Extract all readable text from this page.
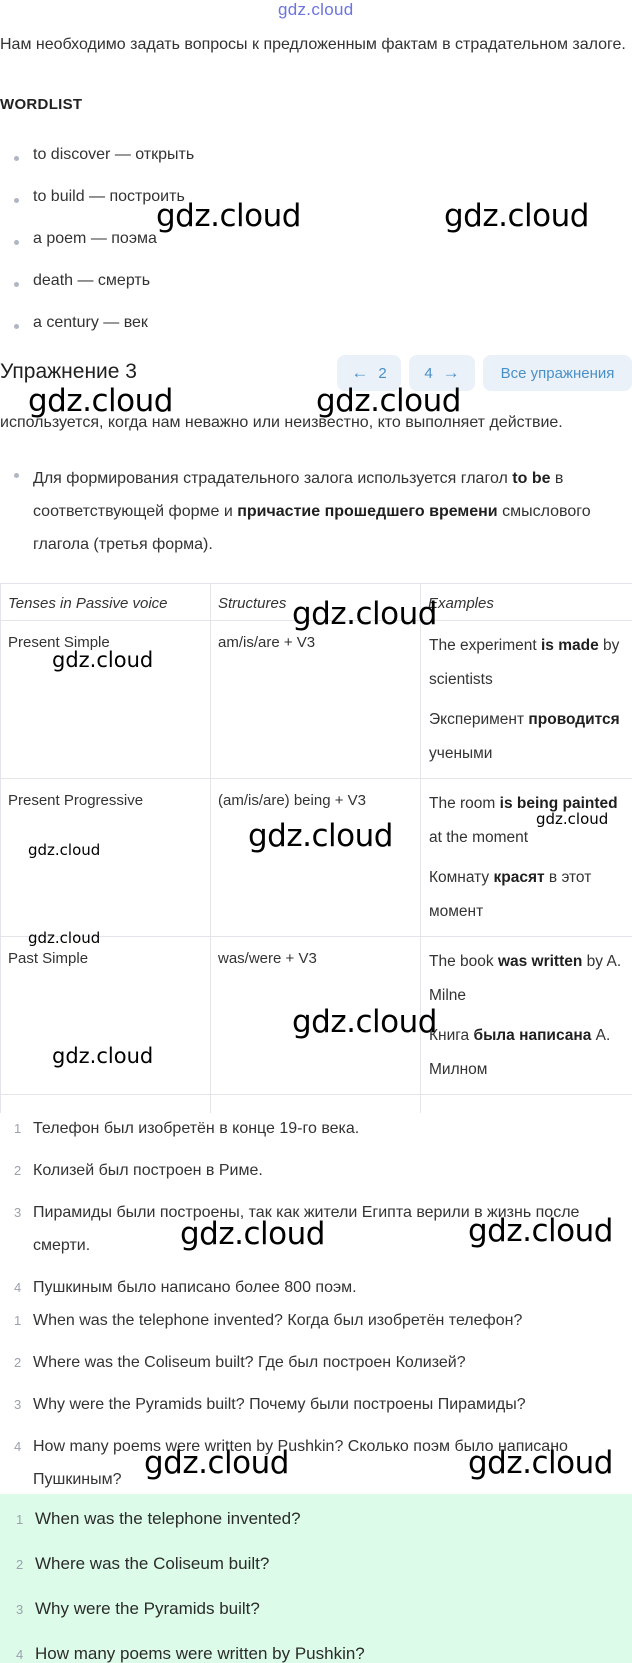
gdz.cloud
Нам необходимо задать вопросы к предложенным фактам в страдательном залоге.
WORDLIST
to discover — открыть
to build — построить
a poem — поэма
death — смерть
a century — век
Упражнение 3	← 2	4 →	Все упражнения
используется, когда нам неважно или неизвестно, кто выполняет действие.
Для формирования страдательного залога используется глагол to be в соответствующей форме и причастие прошедшего времени смыслового глагола (третья форма).
Tenses in Passive voice	Structures	Examples
Present Simple	am/is/are + V3	The experiment is made by scientists
Эксперимент проводится учеными
Present Progressive	(am/is/are) being + V3	The room is being painted at the moment
Комнату красят в этот момент
Past Simple	was/were + V3	The book was written by A. Milne
Книга была написана А. Милном
1 Телефон был изобретён в конце 19-го века.
2 Колизей был построен в Риме.
3 Пирамиды были построены, так как жители Египта верили в жизнь после смерти.
4 Пушкиным было написано более 800 поэм.
1 When was the telephone invented? Когда был изобретён телефон?
2 Where was the Coliseum built? Где был построен Колизей?
3 Why were the Pyramids built? Почему были построены Пирамиды?
4 How many poems were written by Pushkin? Сколько поэм было написано Пушкиным?
1 When was the telephone invented?
2 Where was the Coliseum built?
3 Why were the Pyramids built?
4 How many poems were written by Pushkin?
gdz.cloud	gdz.cloud
gdz.cloud	gdz.cloud
gdz.cloud
gdz.cloud
gdz.cloud	gdz.cloud
gdz.cloud
gdz.cloud
gdz.cloud
gdz.cloud
gdz.cloud	gdz.cloud
gdz.cloud	gdz.cloud
